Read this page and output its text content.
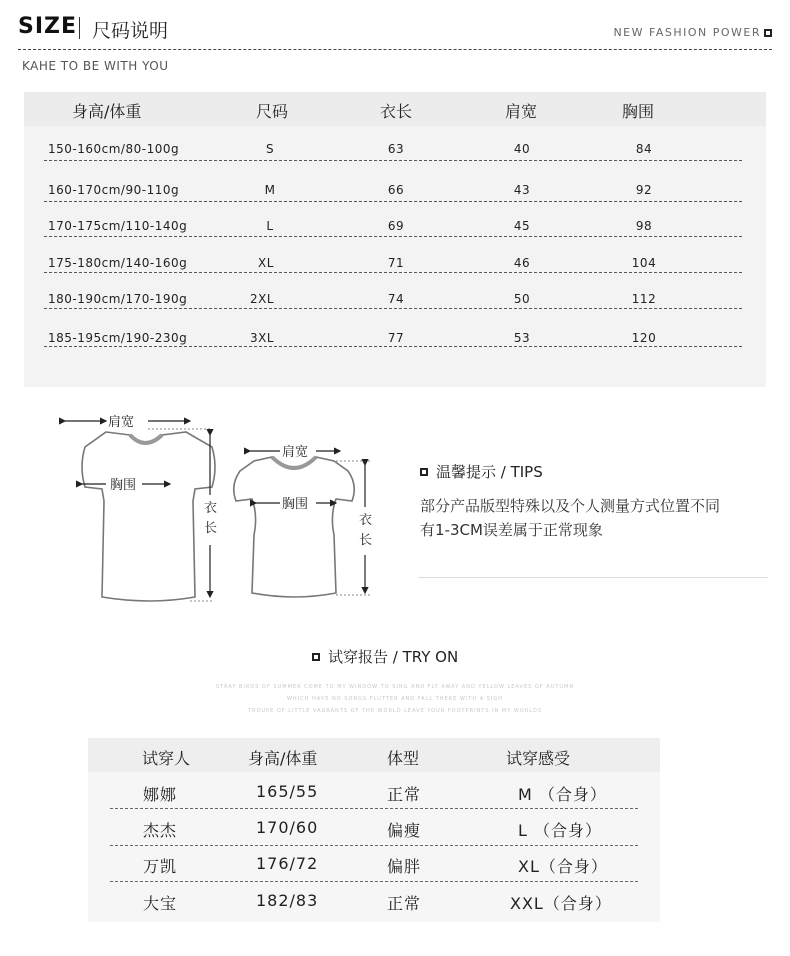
SIZE 尺码说明	NEW FASHION POWER
KAHE TO BE WITH YOU
身高/体重	尺码	衣长	肩宽	胸围
150-160cm/80-100g	S	63	40	84
160-170cm/90-110g	M	66	43	92
170-175cm/110-140g	L	69	45	98
175-180cm/140-160g	XL	71	46	104
180-190cm/170-190g	2XL	74	50	112
185-195cm/190-230g	3XL	77	53	120
肩宽
胸围
衣
长
肩宽
胸围
衣
长
温馨提示 / TIPS
部分产品版型特殊以及个人测量方式位置不同
有1-3CM误差属于正常现象
试穿报告 / TRY ON
STRAY BIRDS OF SUMMER COME TO MY WINDOW TO SING AND FLY AWAY AND YELLOW LEAVES OF AUTUMN
WHICH HAVE NO SONGS FLUTTER AND FALL THERE WITH A SIGH
TROUPE OF LITTLE VAGRANTS OF THE WORLD LEAVE YOUR FOOTPRINTS IN MY WORLDS
试穿人	身高/体重	体型	试穿感受
娜娜	165/55	正常	M （合身）
杰杰	170/60	偏瘦	L （合身）
万凯	176/72	偏胖	XL（合身）
大宝	182/83	正常	XXL（合身）
